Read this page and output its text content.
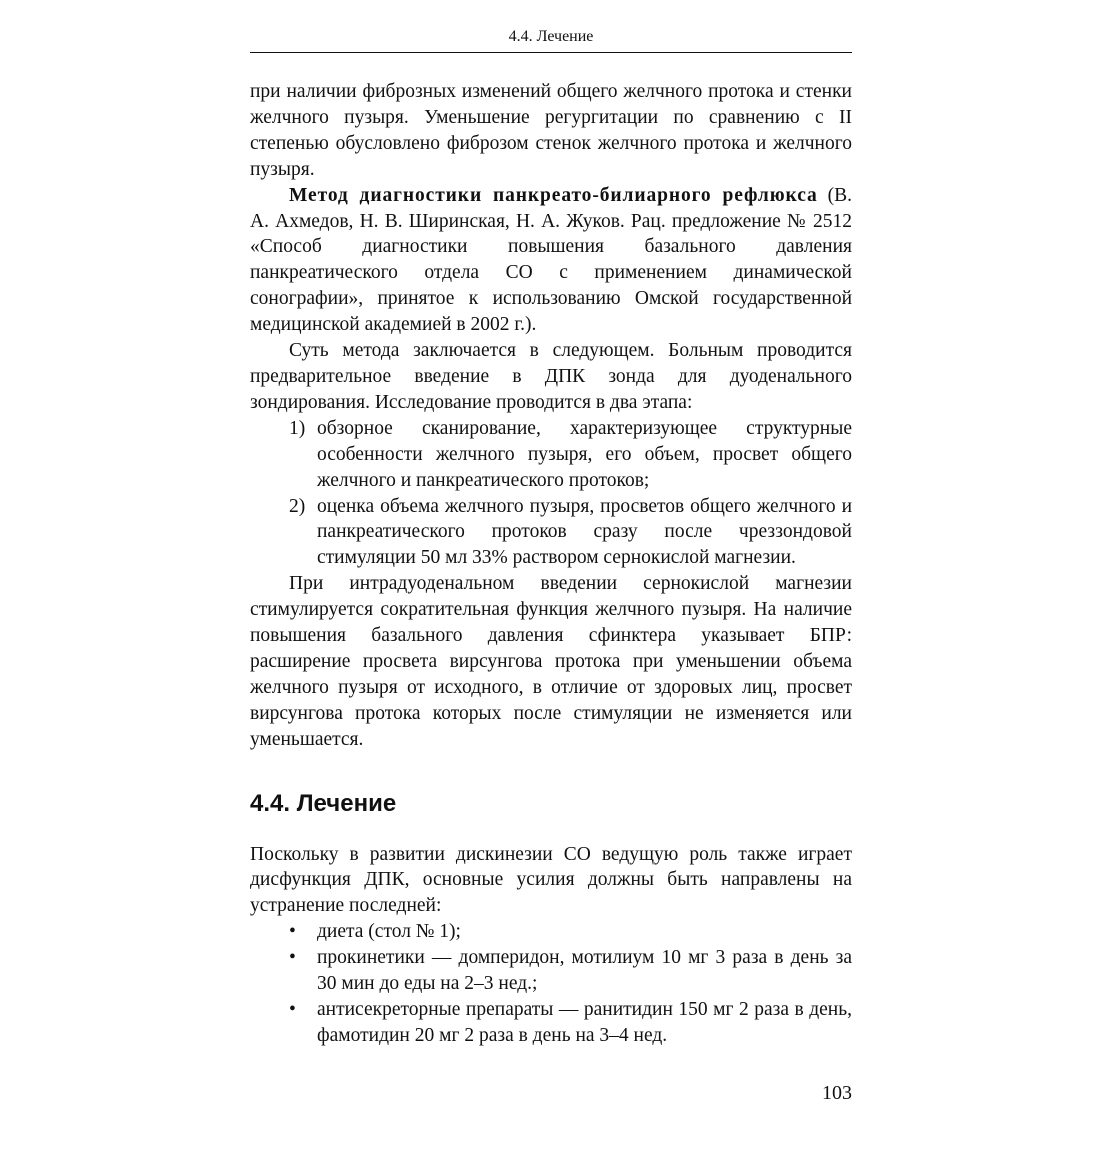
4.4. Лечение

при наличии фиброзных изменений общего желчного протока и стенки желчного пузыря. Уменьшение регургитации по сравнению с II степенью обусловлено фиброзом стенок желчного протока и желчного пузыря.

Метод диагностики панкреато-билиарного рефлюкса (В. А. Ахмедов, Н. В. Ширинская, Н. А. Жуков. Рац. предложение № 2512 «Способ диагностики повышения базального давления панкреатического отдела СО с применением динамической сонографии», принятое к использованию Омской государственной медицинской академией в 2002 г.).

Суть метода заключается в следующем. Больным проводится предварительное введение в ДПК зонда для дуоденального зондирования. Исследование проводится в два этапа:

1) обзорное сканирование, характеризующее структурные особенности желчного пузыря, его объем, просвет общего желчного и панкреатического протоков;
2) оценка объема желчного пузыря, просветов общего желчного и панкреатического протоков сразу после чреззондовой стимуляции 50 мл 33% раствором сернокислой магнезии.

При интрадуоденальном введении сернокислой магнезии стимулируется сократительная функция желчного пузыря. На наличие повышения базального давления сфинктера указывает БПР: расширение просвета вирсунгова протока при уменьшении объема желчного пузыря от исходного, в отличие от здоровых лиц, просвет вирсунгова протока которых после стимуляции не изменяется или уменьшается.

4.4. Лечение

Поскольку в развитии дискинезии СО ведущую роль также играет дисфункция ДПК, основные усилия должны быть направлены на устранение последней:

• диета (стол № 1);
• прокинетики — домперидон, мотилиум 10 мг 3 раза в день за 30 мин до еды на 2–3 нед.;
• антисекреторные препараты — ранитидин 150 мг 2 раза в день, фамотидин 20 мг 2 раза в день на 3–4 нед.
103
